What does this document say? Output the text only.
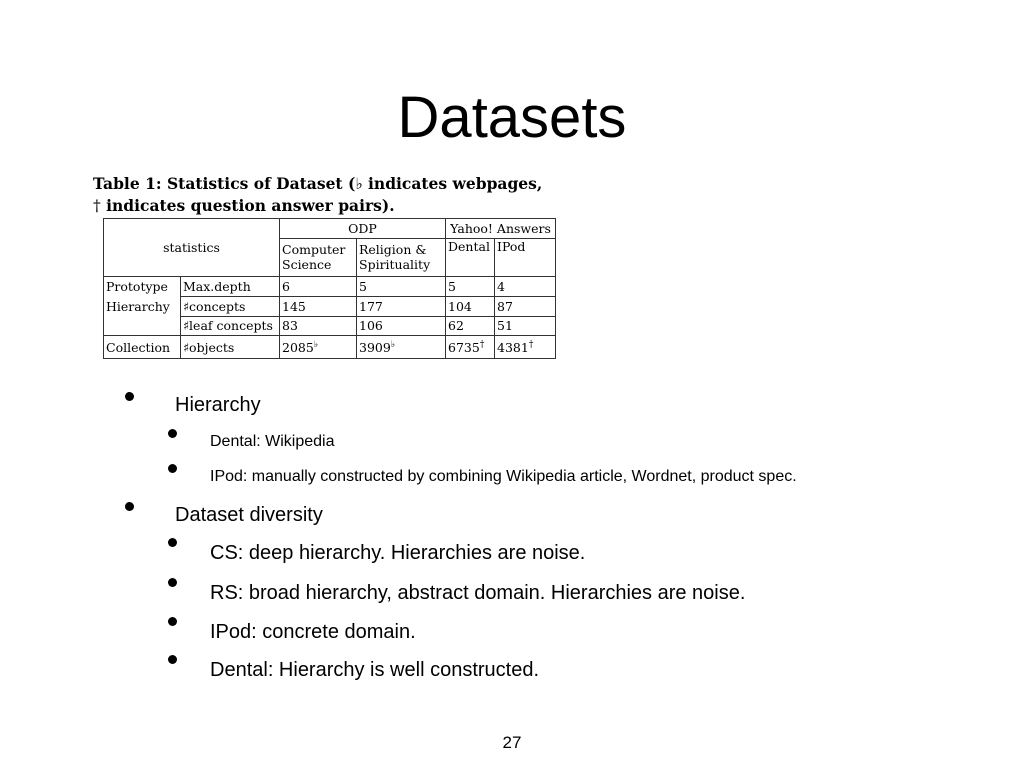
Datasets
Table 1: Statistics of Dataset (♭ indicates webpages,
† indicates question answer pairs).
statistics		ODP		Yahoo! Answers	
		Computer Science	Religion & Spirituality	Dental	IPod
Prototype	Max.depth	6	5	5	4
Hierarchy	♯concepts	145	177	104	87
	♯leaf concepts	83	106	62	51
Collection	♯objects	2085♭	3909♭	6735†	4381†
Hierarchy
Dental: Wikipedia
IPod: manually constructed by combining Wikipedia article, Wordnet, product spec.
Dataset diversity
CS: deep hierarchy. Hierarchies are noise.
RS: broad hierarchy, abstract domain. Hierarchies are noise.
IPod: concrete domain.
Dental: Hierarchy is well constructed.
27
